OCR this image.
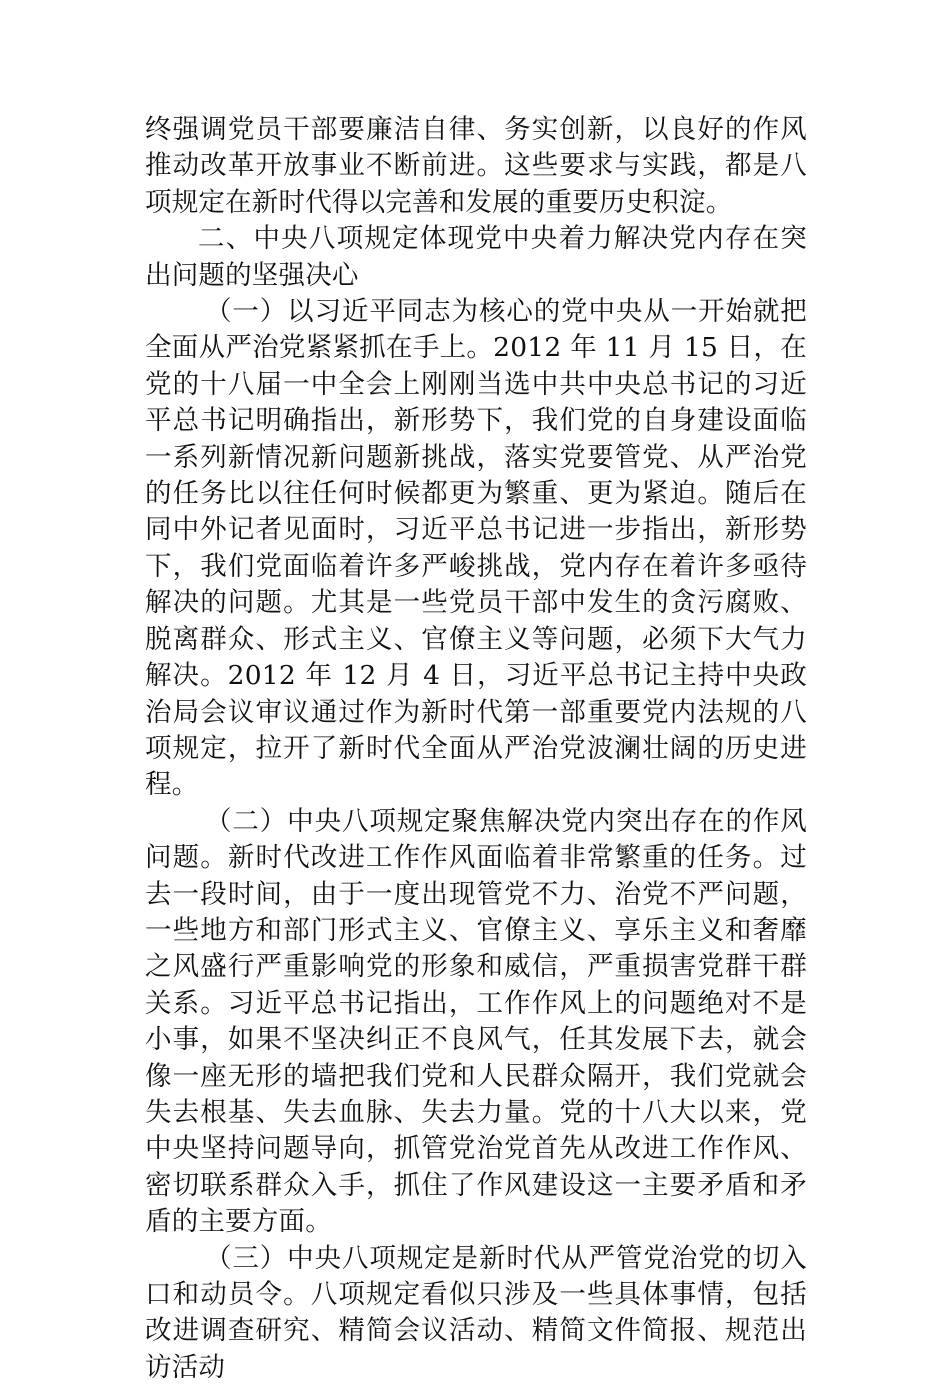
终强调党员干部要廉洁自律、务实创新，以良好的作风推动改革开放事业不断前进。这些要求与实践，都是八项规定在新时代得以完善和发展的重要历史积淀。

二、中央八项规定体现党中央着力解决党内存在突出问题的坚强决心

（一）以习近平同志为核心的党中央从一开始就把全面从严治党紧紧抓在手上。2012 年 11 月 15 日，在党的十八届一中全会上刚刚当选中共中央总书记的习近平总书记明确指出，新形势下，我们党的自身建设面临一系列新情况新问题新挑战，落实党要管党、从严治党的任务比以往任何时候都更为繁重、更为紧迫。随后在同中外记者见面时，习近平总书记进一步指出，新形势下，我们党面临着许多严峻挑战，党内存在着许多亟待解决的问题。尤其是一些党员干部中发生的贪污腐败、脱离群众、形式主义、官僚主义等问题，必须下大气力解决。2012 年 12 月 4 日，习近平总书记主持中央政治局会议审议通过作为新时代第一部重要党内法规的八项规定，拉开了新时代全面从严治党波澜壮阔的历史进程。

（二）中央八项规定聚焦解决党内突出存在的作风问题。新时代改进工作作风面临着非常繁重的任务。过去一段时间，由于一度出现管党不力、治党不严问题，一些地方和部门形式主义、官僚主义、享乐主义和奢靡之风盛行严重影响党的形象和威信，严重损害党群干群关系。习近平总书记指出，工作作风上的问题绝对不是小事，如果不坚决纠正不良风气，任其发展下去，就会像一座无形的墙把我们党和人民群众隔开，我们党就会失去根基、失去血脉、失去力量。党的十八大以来，党中央坚持问题导向，抓管党治党首先从改进工作作风、密切联系群众入手，抓住了作风建设这一主要矛盾和矛盾的主要方面。

（三）中央八项规定是新时代从严管党治党的切入口和动员令。八项规定看似只涉及一些具体事情，包括改进调查研究、精简会议活动、精简文件简报、规范出访活动
